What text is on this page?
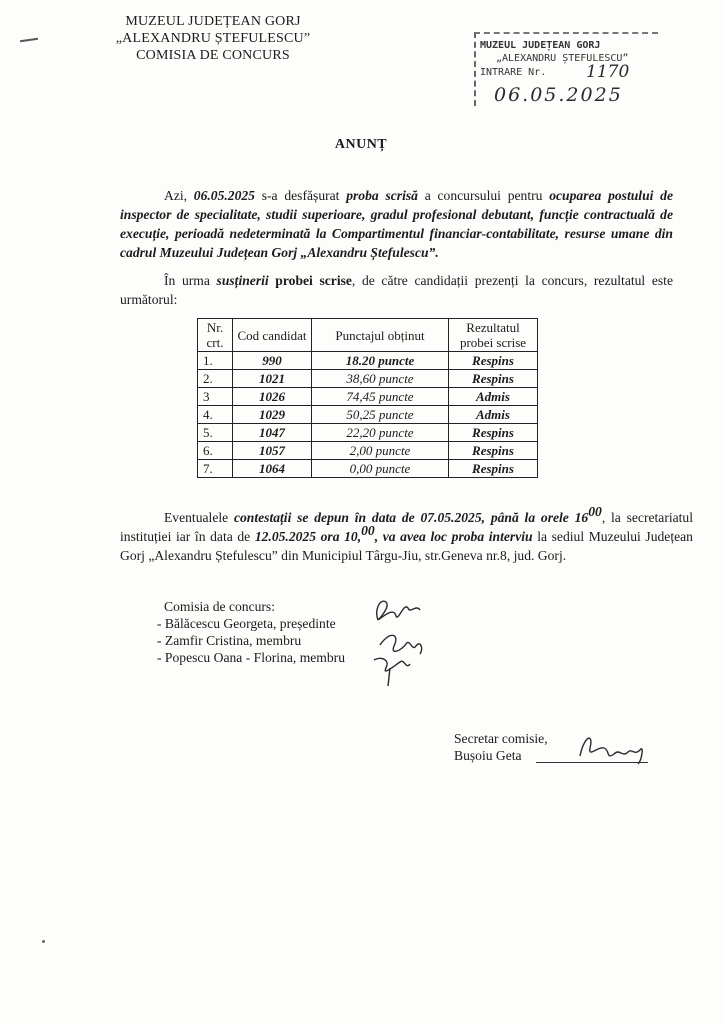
MUZEUL JUDEȚEAN GORJ
„ALEXANDRU ȘTEFULESCU”
COMISIA DE CONCURS
MUZEUL JUDEȚEAN GORJ
„ALEXANDRU ȘTEFULESCU”
INTRARE Nr. 1170
06.05.2025
ANUNȚ
Azi, 06.05.2025 s-a desfășurat proba scrisă a concursului pentru ocuparea postului de inspector de specialitate, studii superioare, gradul profesional debutant, funcție contractuală de execuție, perioadă nedeterminată la Compartimentul financiar-contabilitate, resurse umane din cadrul Muzeului Județean Gorj „Alexandru Ștefulescu”.
În urma susținerii probei scrise, de către candidații prezenți la concurs, rezultatul este următorul:
Nr. crt.	Cod candidat	Punctajul obținut	Rezultatul probei scrise
1.	990	18.20 puncte	Respins
2.	1021	38,60 puncte	Respins
3	1026	74,45 puncte	Admis
4.	1029	50,25 puncte	Admis
5.	1047	22,20 puncte	Respins
6.	1057	2,00 puncte	Respins
7.	1064	0,00 puncte	Respins
Eventualele contestații se depun în data de 07.05.2025, până la orele $16^{00}$, la secretariatul instituției iar în data de 12.05.2025 ora 10,00, va avea loc proba interviu la sediul Muzeului Județean Gorj „Alexandru Ștefulescu” din Municipiul Târgu-Jiu, str.Geneva nr.8, jud. Gorj.
Comisia de concurs:
- Bălăcescu Georgeta, președinte
- Zamfir Cristina, membru
- Popescu Oana - Florina, membru
Secretar comisie,
Bușoiu Geta
